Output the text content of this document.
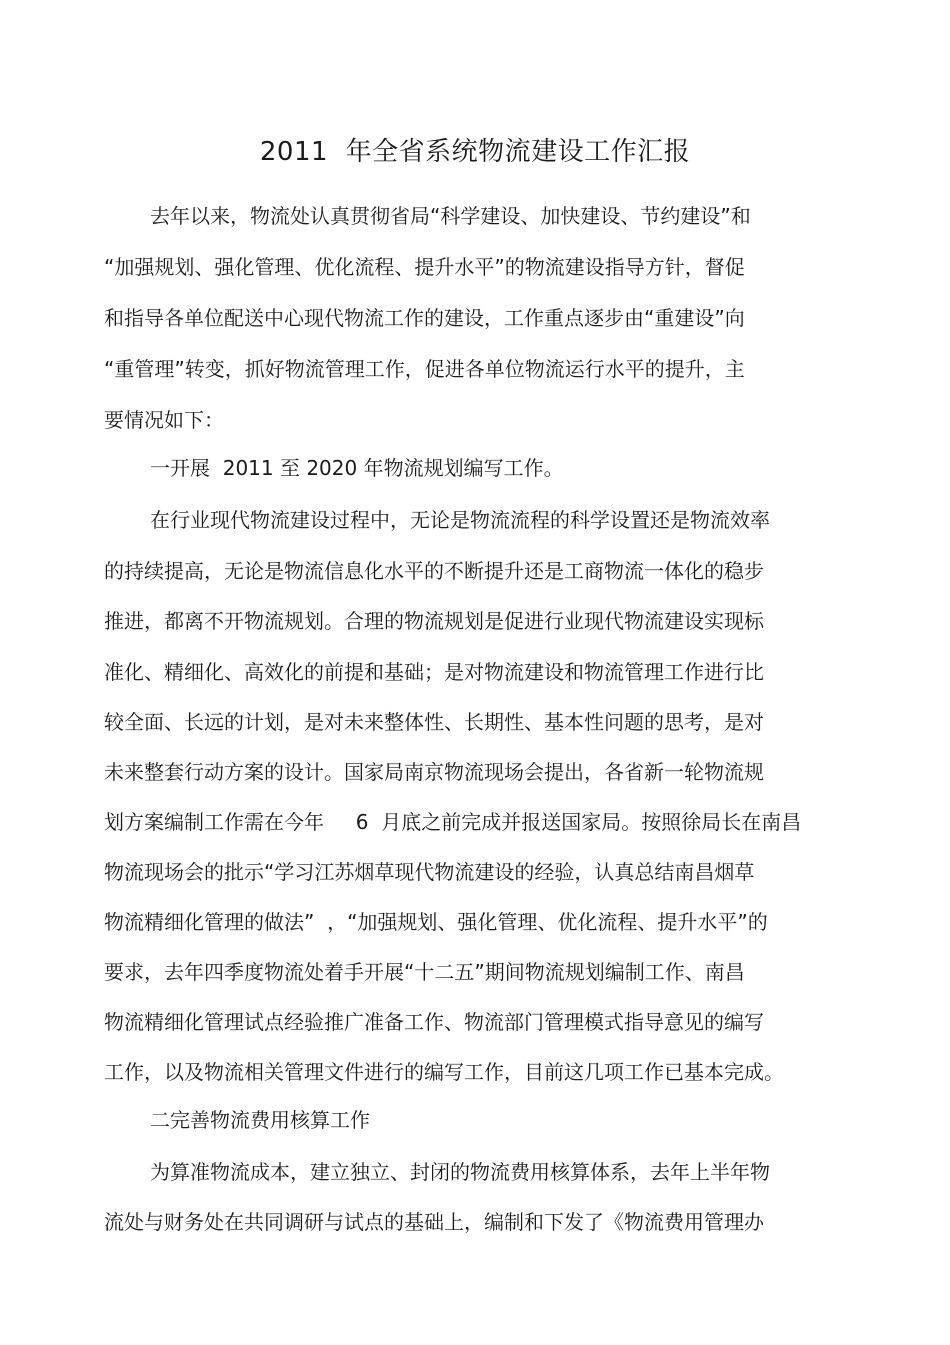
2011  年全省系统物流建设工作汇报
去年以来，物流处认真贯彻省局“科学建设、加快建设、节约建设”和
“加强规划、强化管理、优化流程、提升水平”的物流建设指导方针，督促
和指导各单位配送中心现代物流工作的建设，工作重点逐步由“重建设”向
“重管理”转变，抓好物流管理工作，促进各单位物流运行水平的提升，主
要情况如下：
一开展  2011 至 2020 年物流规划编写工作。
在行业现代物流建设过程中，无论是物流流程的科学设置还是物流效率
的持续提高，无论是物流信息化水平的不断提升还是工商物流一体化的稳步
推进，都离不开物流规划。合理的物流规划是促进行业现代物流建设实现标
准化、精细化、高效化的前提和基础；是对物流建设和物流管理工作进行比
较全面、长远的计划，是对未来整体性、长期性、基本性问题的思考，是对
未来整套行动方案的设计。国家局南京物流现场会提出，各省新一轮物流规
划方案编制工作需在今年     6  月底之前完成并报送国家局。按照徐局长在南昌
物流现场会的批示“学习江苏烟草现代物流建设的经验，认真总结南昌烟草
物流精细化管理的做法”  ，“加强规划、强化管理、优化流程、提升水平”的
要求，去年四季度物流处着手开展“十二五”期间物流规划编制工作、南昌
物流精细化管理试点经验推广准备工作、物流部门管理模式指导意见的编写
工作，以及物流相关管理文件进行的编写工作，目前这几项工作已基本完成。
二完善物流费用核算工作
为算准物流成本，建立独立、封闭的物流费用核算体系，去年上半年物
流处与财务处在共同调研与试点的基础上，编制和下发了《物流费用管理办
